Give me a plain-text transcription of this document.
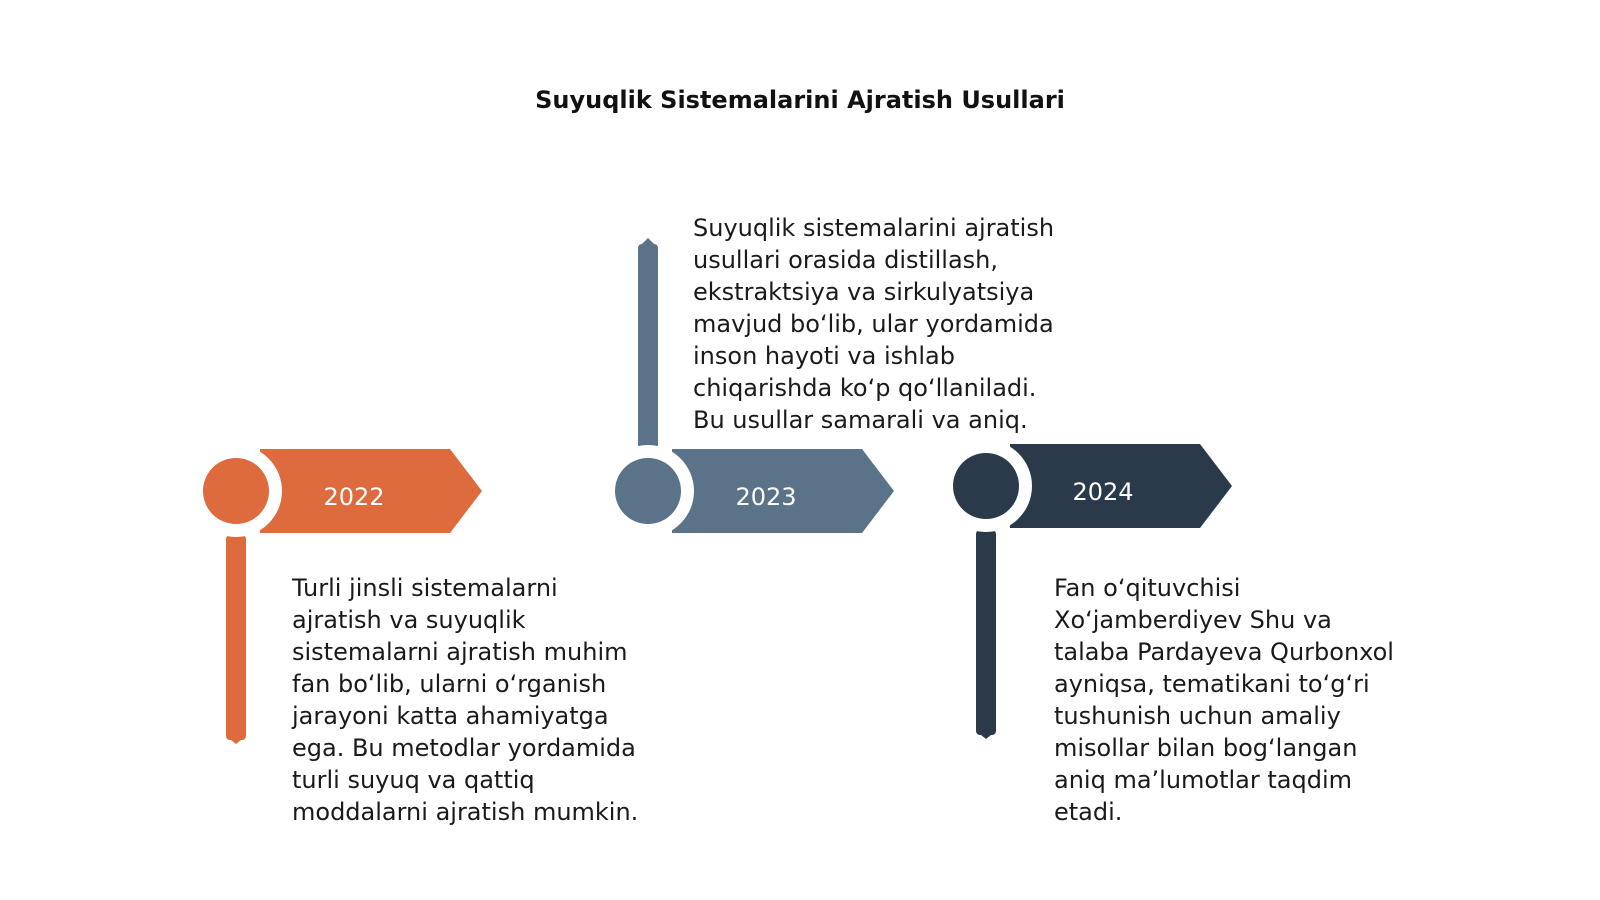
Suyuqlik Sistemalarini Ajratish Usullari
2022	2023	2024

Turli jinsli sistemalarni ajratish va suyuqlik sistemalarni ajratish muhim fan bo‘lib, ularni o‘rganish jarayoni katta ahamiyatga ega. Bu metodlar yordamida turli suyuq va qattiq moddalarni ajratish mumkin.

Suyuqlik sistemalarini ajratish usullari orasida distillash, ekstraktsiya va sirkulyatsiya mavjud bo‘lib, ular yordamida inson hayoti va ishlab chiqarishda ko‘p qo‘llaniladi. Bu usullar samarali va aniq.

Fan o‘qituvchisi Xo‘jamberdiyev Shu va talaba Pardayeva Qurbonxol ayniqsa, tematikani to‘g‘ri tushunish uchun amaliy misollar bilan bog‘langan aniq ma’lumotlar taqdim etadi.
